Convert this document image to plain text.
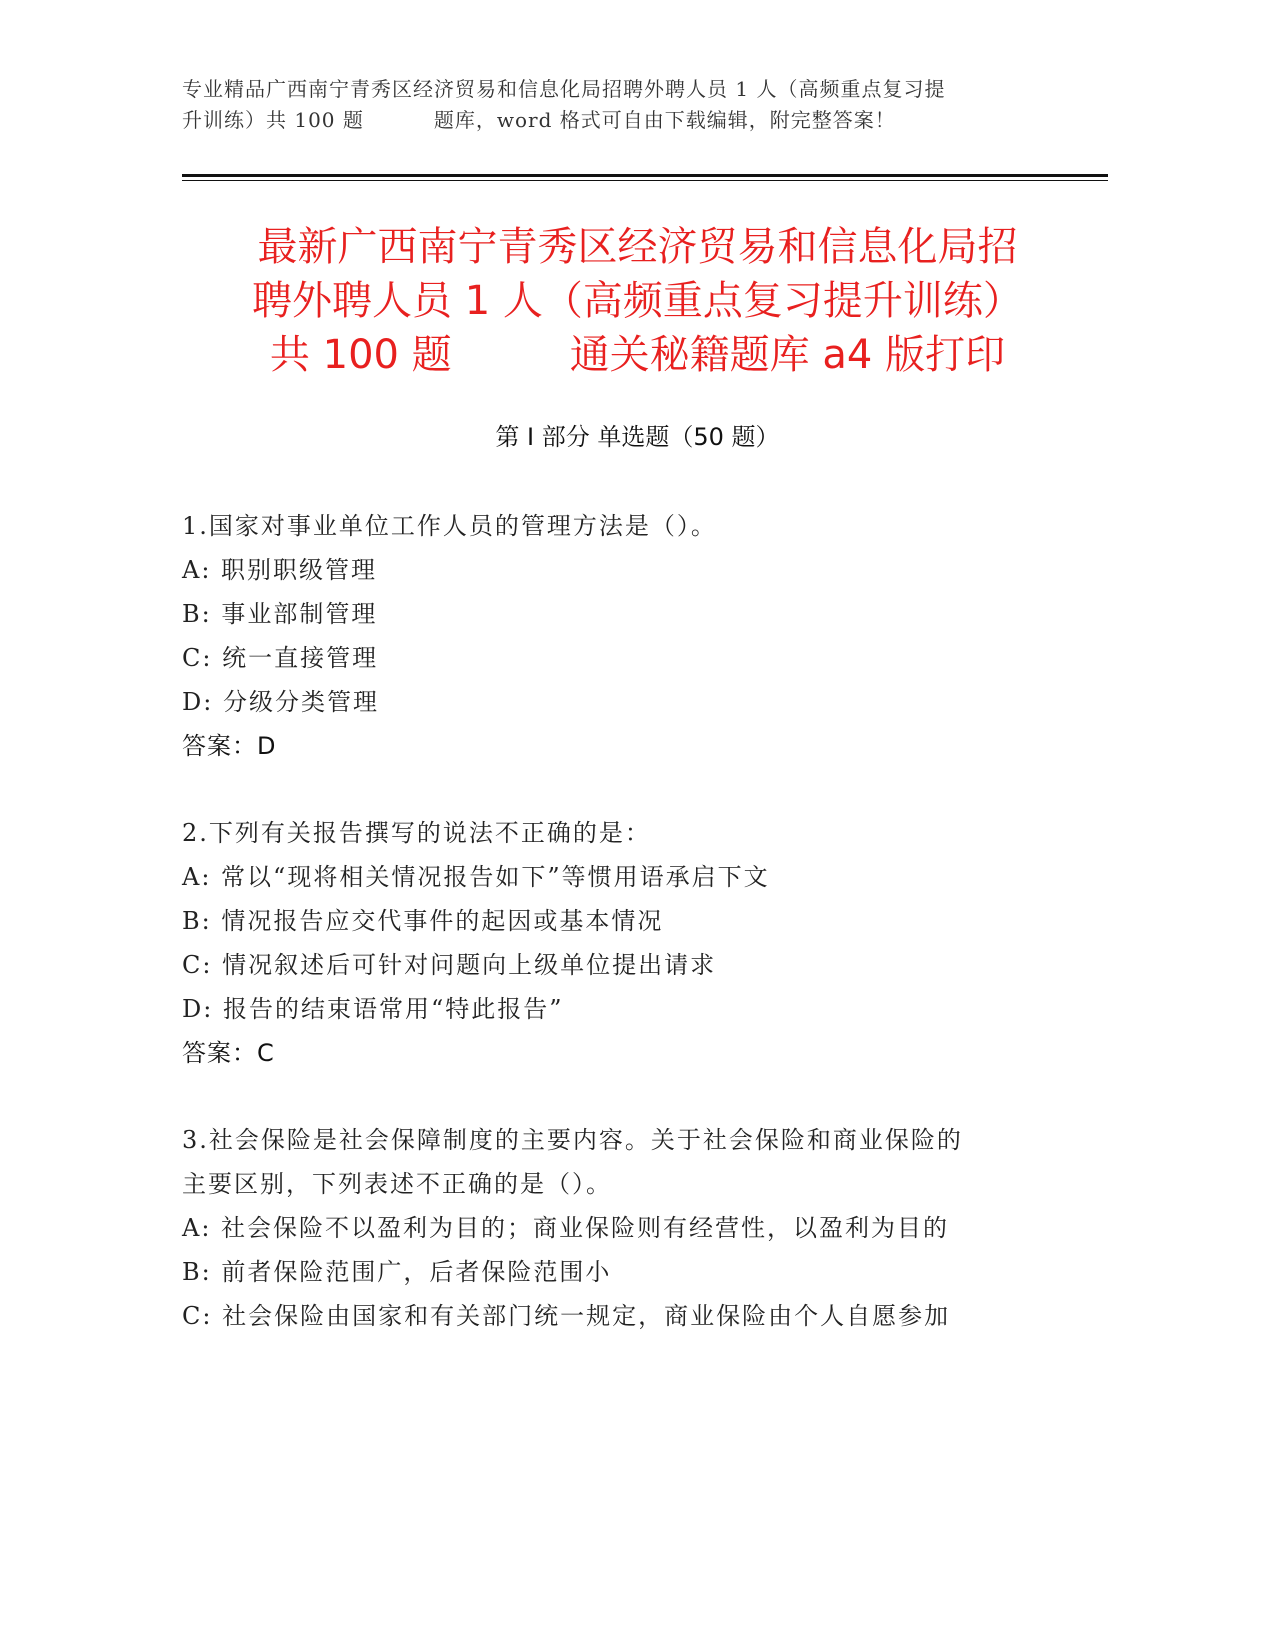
专业精品广西南宁青秀区经济贸易和信息化局招聘外聘人员 1 人（高频重点复习提
升训练）共 100 题	题库，word 格式可自由下载编辑，附完整答案！
最新广西南宁青秀区经济贸易和信息化局招
聘外聘人员 1 人（高频重点复习提升训练）
共 100 题	通关秘籍题库 a4 版打印
第 I 部分 单选题（50 题）
1.国家对事业单位工作人员的管理方法是（）。
A: 职别职级管理
B: 事业部制管理
C: 统一直接管理
D: 分级分类管理
答案：D
2.下列有关报告撰写的说法不正确的是：
A: 常以“现将相关情况报告如下”等惯用语承启下文
B: 情况报告应交代事件的起因或基本情况
C: 情况叙述后可针对问题向上级单位提出请求
D: 报告的结束语常用“特此报告”
答案：C
3.社会保险是社会保障制度的主要内容。关于社会保险和商业保险的
主要区别，下列表述不正确的是（）。
A: 社会保险不以盈利为目的；商业保险则有经营性，以盈利为目的
B: 前者保险范围广，后者保险范围小
C: 社会保险由国家和有关部门统一规定，商业保险由个人自愿参加
